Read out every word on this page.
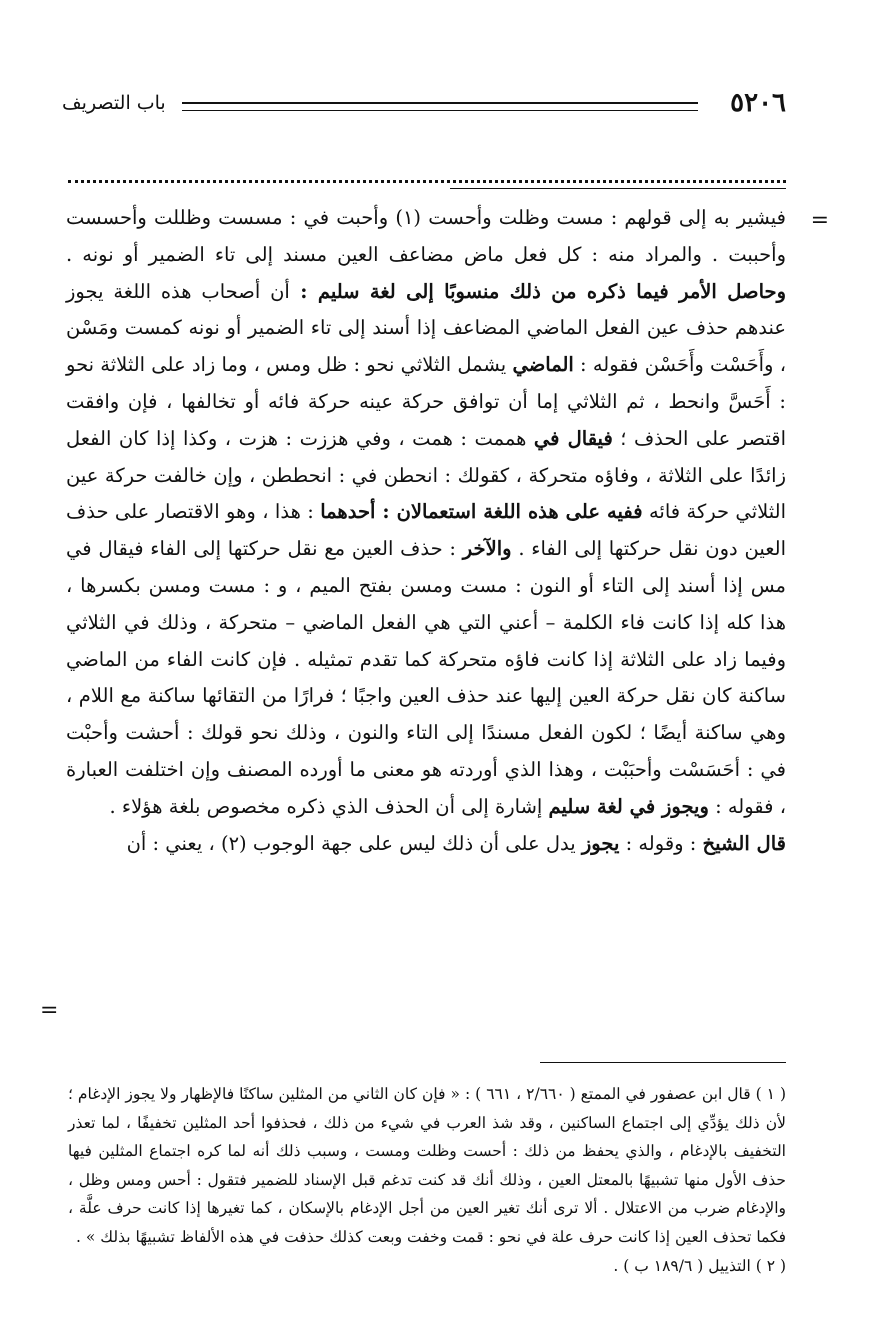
٥٢٠٦
باب التصريف
=

فيشير به إلى قولهم : مست وظلت وأحست (١) وأحبت في : مسست وظللت وأحسست وأحببت . والمراد منه : كل فعل ماض مضاعف العين مسند إلى تاء الضمير أو نونه . وحاصل الأمر فيما ذكره من ذلك منسوبًا إلى لغة سليم : أن أصحاب هذه اللغة يجوز عندهم حذف عين الفعل الماضي المضاعف إذا أسند إلى تاء الضمير أو نونه كمست ومَسْن ، وأَحَسْت وأَحَسْن فقوله : الماضي يشمل الثلاثي نحو : ظل ومس ، وما زاد على الثلاثة نحو : أَحَسَّ وانحط ، ثم الثلاثي إما أن توافق حركة عينه حركة فائه أو تخالفها ، فإن وافقت اقتصر على الحذف ؛ فيقال في هممت : همت ، وفي هززت : هزت ، وكذا إذا كان الفعل زائدًا على الثلاثة ، وفاؤه متحركة ، كقولك : انحطن في : انحططن ، وإن خالفت حركة عين الثلاثي حركة فائه ففيه على هذه اللغة استعمالان : أحدهما : هذا ، وهو الاقتصار على حذف العين دون نقل حركتها إلى الفاء . والآخر : حذف العين مع نقل حركتها إلى الفاء فيقال في مس إذا أسند إلى التاء أو النون : مست ومسن بفتح الميم ، و : مست ومسن بكسرها ، هذا كله إذا كانت فاء الكلمة – أعني التي هي الفعل الماضي – متحركة ، وذلك في الثلاثي وفيما زاد على الثلاثة إذا كانت فاؤه متحركة كما تقدم تمثيله . فإن كانت الفاء من الماضي ساكنة كان نقل حركة العين إليها عند حذف العين واجبًا ؛ فرارًا من التقائها ساكنة مع اللام ، وهي ساكنة أيضًا ؛ لكون الفعل مسندًا إلى التاء والنون ، وذلك نحو قولك : أحشت وأحبْت في : أحَسَسْت وأحبَبْت ، وهذا الذي أوردته هو معنى ما أورده المصنف وإن اختلفت العبارة ، فقوله : ويجوز في لغة سليم إشارة إلى أن الحذف الذي ذكره مخصوص بلغة هؤلاء .

قال الشيخ : وقوله : يجوز يدل على أن ذلك ليس على جهة الوجوب (٢) ، يعني : أن

=

( ١ ) قال ابن عصفور في الممتع ( ٢/٦٦٠ ، ٦٦١ ) : « فإن كان الثاني من المثلين ساكنًا فالإظهار ولا يجوز الإدغام ؛ لأن ذلك يؤدِّي إلى اجتماع الساكنين ، وقد شذ العرب في شيء من ذلك ، فحذفوا أحد المثلين تخفيفًا ، لما تعذر التخفيف بالإدغام ، والذي يحفظ من ذلك : أحست وظلت ومست ، وسبب ذلك أنه لما كره اجتماع المثلين فيها حذف الأول منها تشبيهًا بالمعتل العين ، وذلك أنك قد كنت تدغم قبل الإسناد للضمير فتقول : أحس ومس وظل ، والإدغام ضرب من الاعتلال . ألا ترى أنك تغير العين من أجل الإدغام بالإسكان ، كما تغيرها إذا كانت حرف علَّة ، فكما تحذف العين إذا كانت حرف علة في نحو : قمت وخفت وبعت كذلك حذفت في هذه الألفاظ تشبيهًا بذلك » .

( ٢ ) التذييل ( ١٨٩/٦ ب ) .
